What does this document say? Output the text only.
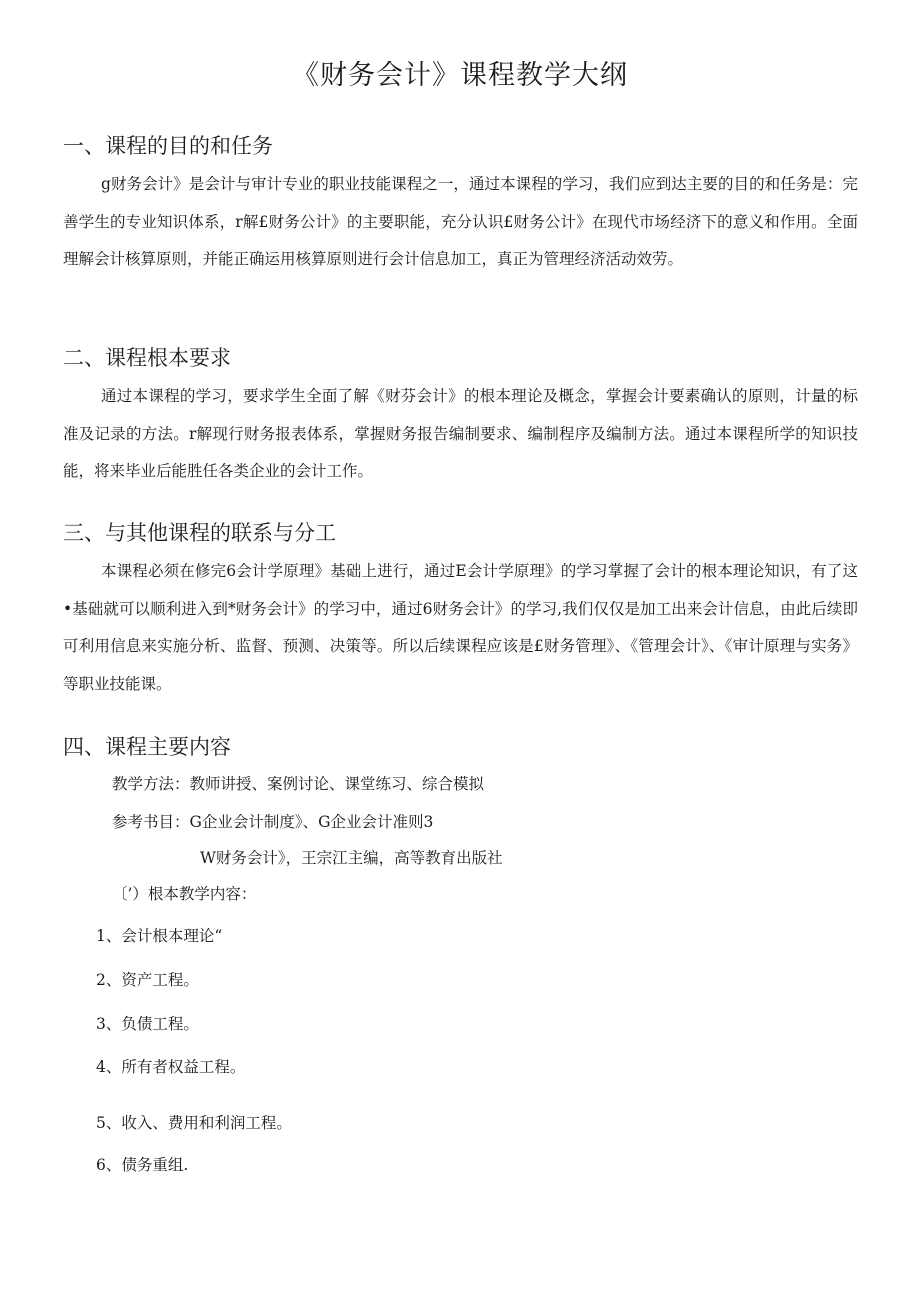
《财务会计》课程教学大纲
一、课程的目的和任务
g财务会计》是会计与审计专业的职业技能课程之一，通过本课程的学习，我们应到达主要的目的和任务是：完善学生的专业知识体系，r解£财务公计》的主要职能，充分认识£财务公计》在现代市场经济下的意义和作用。全面理解会计核算原则，并能正确运用核算原则进行会计信息加工，真正为管理经济活动效劳。
二、课程根本要求
通过本课程的学习，要求学生全面了解《财芬会计》的根本理论及概念，掌握会计要素确认的原则，计量的标准及记录的方法。r解现行财务报表体系，掌握财务报告编制要求、编制程序及编制方法。通过本课程所学的知识技能，将来毕业后能胜任各类企业的会计工作。
三、与其他课程的联系与分工
本课程必须在修完6会计学原理》基础上进行，通过E会计学原理》的学习掌握了会计的根本理论知识，有了这•基础就可以顺利进入到*财务会计》的学习中，通过6财务会计》的学习,我们仅仅是加工出来会计信息，由此后续即可利用信息来实施分析、监督、预测、决策等。所以后续课程应该是£财务管理》、《管理会计》、《审计原理与实务》等职业技能课。
四、课程主要内容
教学方法：教师讲授、案例讨论、课堂练习、综合模拟
参考书目：G企业会计制度》、G企业会计准则3
W财务会计》，王宗江主编，高等教育出版社
〔’）根本教学内容：
1、会计根本理论“
2、资产工程。
3、负债工程。
4、所有者权益工程。
5、收入、费用和利润工程。
6、债务重组.
